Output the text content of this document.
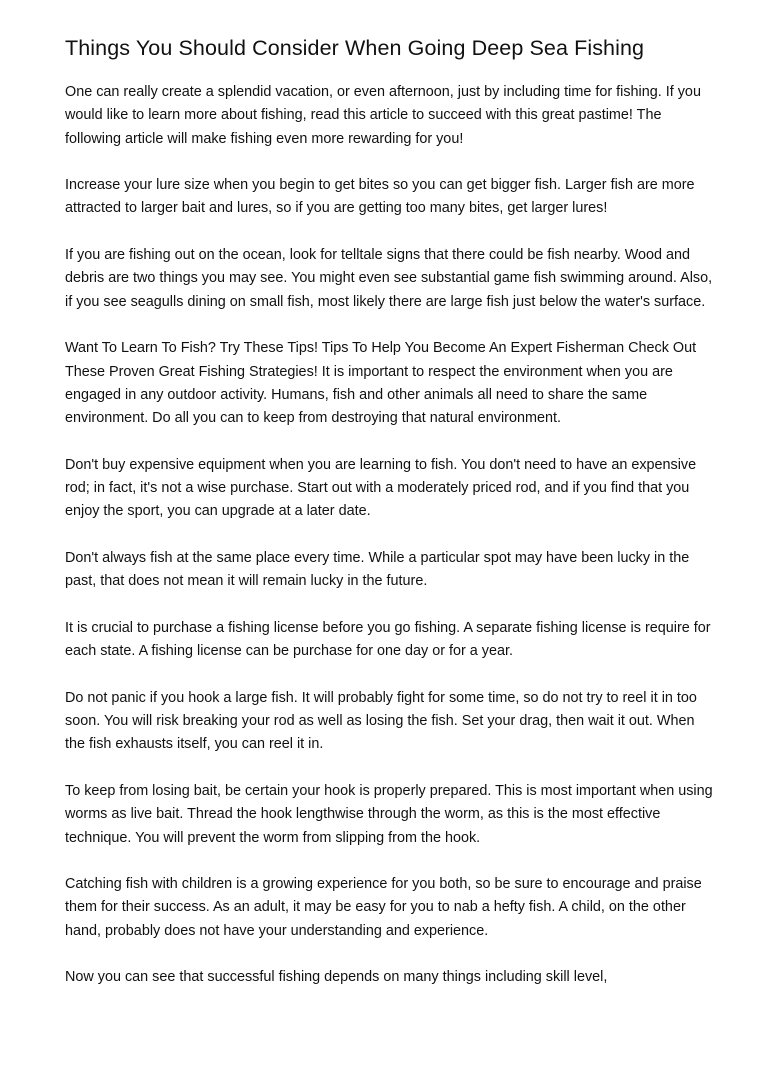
Things You Should Consider When Going Deep Sea Fishing

One can really create a splendid vacation, or even afternoon, just by including time for fishing. If you would like to learn more about fishing, read this article to succeed with this great pastime! The following article will make fishing even more rewarding for you!

Increase your lure size when you begin to get bites so you can get bigger fish. Larger fish are more attracted to larger bait and lures, so if you are getting too many bites, get larger lures!

If you are fishing out on the ocean, look for telltale signs that there could be fish nearby. Wood and debris are two things you may see. You might even see substantial game fish swimming around. Also, if you see seagulls dining on small fish, most likely there are large fish just below the water's surface.

Want To Learn To Fish? Try These Tips! Tips To Help You Become An Expert Fisherman Check Out These Proven Great Fishing Strategies! It is important to respect the environment when you are engaged in any outdoor activity. Humans, fish and other animals all need to share the same environment. Do all you can to keep from destroying that natural environment.

Don't buy expensive equipment when you are learning to fish. You don't need to have an expensive rod; in fact, it's not a wise purchase. Start out with a moderately priced rod, and if you find that you enjoy the sport, you can upgrade at a later date.

Don't always fish at the same place every time. While a particular spot may have been lucky in the past, that does not mean it will remain lucky in the future.

It is crucial to purchase a fishing license before you go fishing. A separate fishing license is require for each state. A fishing license can be purchase for one day or for a year.

Do not panic if you hook a large fish. It will probably fight for some time, so do not try to reel it in too soon. You will risk breaking your rod as well as losing the fish. Set your drag, then wait it out. When the fish exhausts itself, you can reel it in.

To keep from losing bait, be certain your hook is properly prepared. This is most important when using worms as live bait. Thread the hook lengthwise through the worm, as this is the most effective technique. You will prevent the worm from slipping from the hook.

Catching fish with children is a growing experience for you both, so be sure to encourage and praise them for their success. As an adult, it may be easy for you to nab a hefty fish. A child, on the other hand, probably does not have your understanding and experience.

Now you can see that successful fishing depends on many things including skill level,
